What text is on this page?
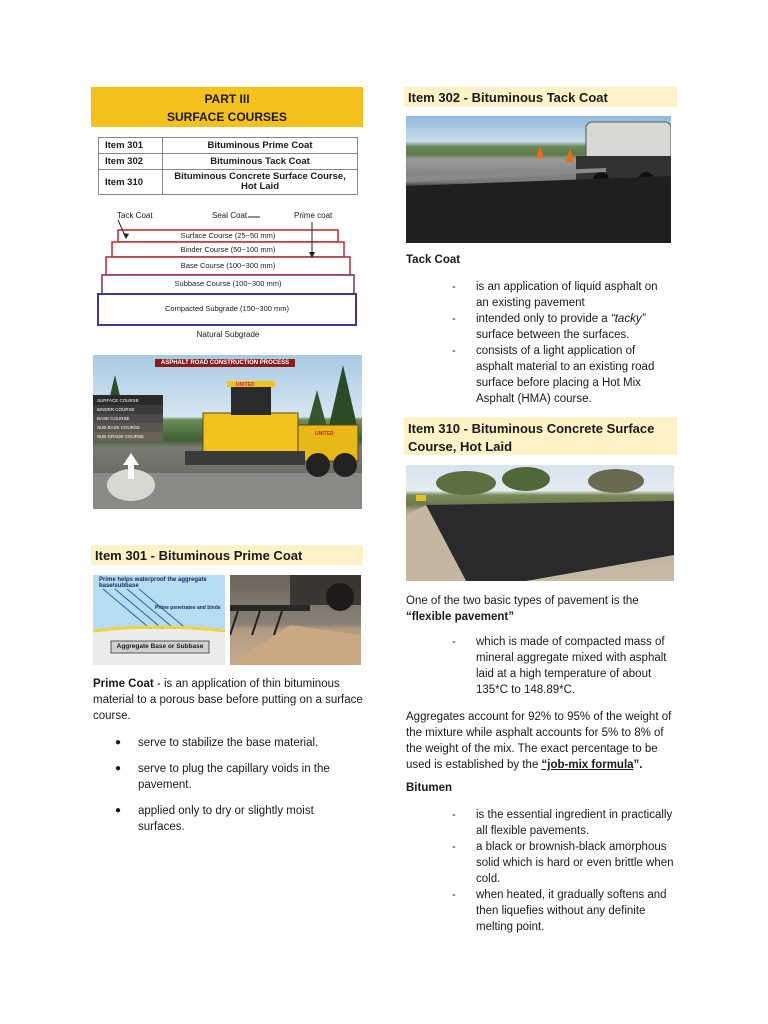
PART III
SURFACE COURSES
Item 301	Bituminous Prime Coat
Item 302	Bituminous Tack Coat
Item 310	Bituminous Concrete Surface Course, Hot Laid
Tack Coat	Seal Coat	Prime coat
Surface Course (25~50 mm)
Binder Course (50~100 mm)
Base Course (100~300 mm)
Subbase Course (100~300 mm)
Compacted Subgrade (150~300 mm)
Natural Subgrade
ASPHALT ROAD CONSTRUCTION PROCESS
SURFACE COURSE
BINDER COURSE
BASE COURSE
SUB BASE COURSE
SUB GRADE COURSE
UNITED
UNITED
Item 301 - Bituminous Prime Coat
Prime helps waterproof the aggregate base/subbase
Prime penetrates and binds
Aggregate Base or Subbase
Prime Coat - is an application of thin bituminous material to a porous base before putting on a surface course.
● serve to stabilize the base material.
● serve to plug the capillary voids in the pavement.
● applied only to dry or slightly moist surfaces.
Item 302 - Bituminous Tack Coat
Tack Coat
- is an application of liquid asphalt on an existing pavement
- intended only to provide a “tacky” surface between the surfaces.
- consists of a light application of asphalt material to an existing road surface before placing a Hot Mix Asphalt (HMA) course.
Item 310 - Bituminous Concrete Surface Course, Hot Laid
One of the two basic types of pavement is the
“flexible pavement”
- which is made of compacted mass of mineral aggregate mixed with asphalt laid at a high temperature of about 135*C to 148.89*C.
Aggregates account for 92% to 95% of the weight of the mixture while asphalt accounts for 5% to 8% of the weight of the mix. The exact percentage to be used is established by the “job-mix formula”.
Bitumen
- is the essential ingredient in practically all flexible pavements.
- a black or brownish-black amorphous solid which is hard or even brittle when cold.
- when heated, it gradually softens and then liquefies without any definite melting point.
